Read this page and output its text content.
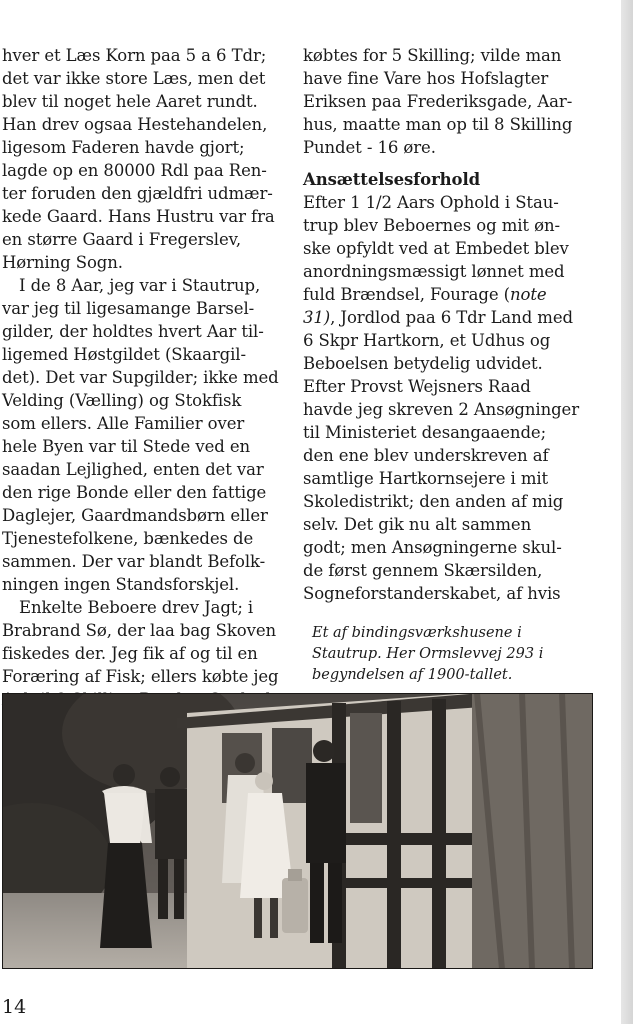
hver et Læs Korn paa 5 a 6 Tdr;
det var ikke store Læs, men det
blev til noget hele Aaret rundt.
Han drev ogsaa Hestehandelen,
ligesom Faderen havde gjort;
lagde op en 80000 Rdl paa Ren-
ter foruden den gjældfri udmær-
kede Gaard. Hans Hustru var fra
en større Gaard i Fregerslev,
Hørning Sogn.
I de 8 Aar, jeg var i Stautrup,
var jeg til ligesamange Barsel-
gilder, der holdtes hvert Aar til-
ligemed Høstgildet (Skaargil-
det). Det var Supgilder; ikke med
Velding (Vælling) og Stokfisk
som ellers. Alle Familier over
hele Byen var til Stede ved en
saadan Lejlighed, enten det var
den rige Bonde eller den fattige
Daglejer, Gaardmandsbørn eller
Tjenestefolkene, bænkedes de
sammen. Der var blandt Befolk-
ningen ingen Standsforskjel.
Enkelte Beboere drev Jagt; i
Brabrand Sø, der laa bag Skoven
fiskedes der. Jeg fik af og til en
Foræring af Fisk; ellers købte jeg
købtes for 5 Skilling; vilde man
have fine Vare hos Hofslagter
Eriksen paa Frederiksgade, Aar-
hus, maatte man op til 8 Skilling
Pundet - 16 øre.
Ansættelsesforhold
Efter 1 1/2 Aars Ophold i Stau-
trup blev Beboernes og mit øn-
ske opfyldt ved at Embedet blev
anordningsmæssigt lønnet med
fuld Brændsel, Fourage (note
31), Jordlod paa 6 Tdr Land med
6 Skpr Hartkorn, et Udhus og
Beboelsen betydelig udvidet.
Efter Provst Wejsners Raad
havde jeg skreven 2 Ansøgninger
til Ministeriet desangaaende;
den ene blev underskreven af
samtlige Hartkornsejere i mit
Skoledistrikt; den anden af mig
selv. Det gik nu alt sammen
godt; men Ansøgningerne skul-
de først gennem Skærsilden,
Sogneforstanderskabet, af hvis
Et af bindingsværkshusene i
Stautrup. Her Ormslevvej 293 i
begyndelsen af 1900-tallet.
14
